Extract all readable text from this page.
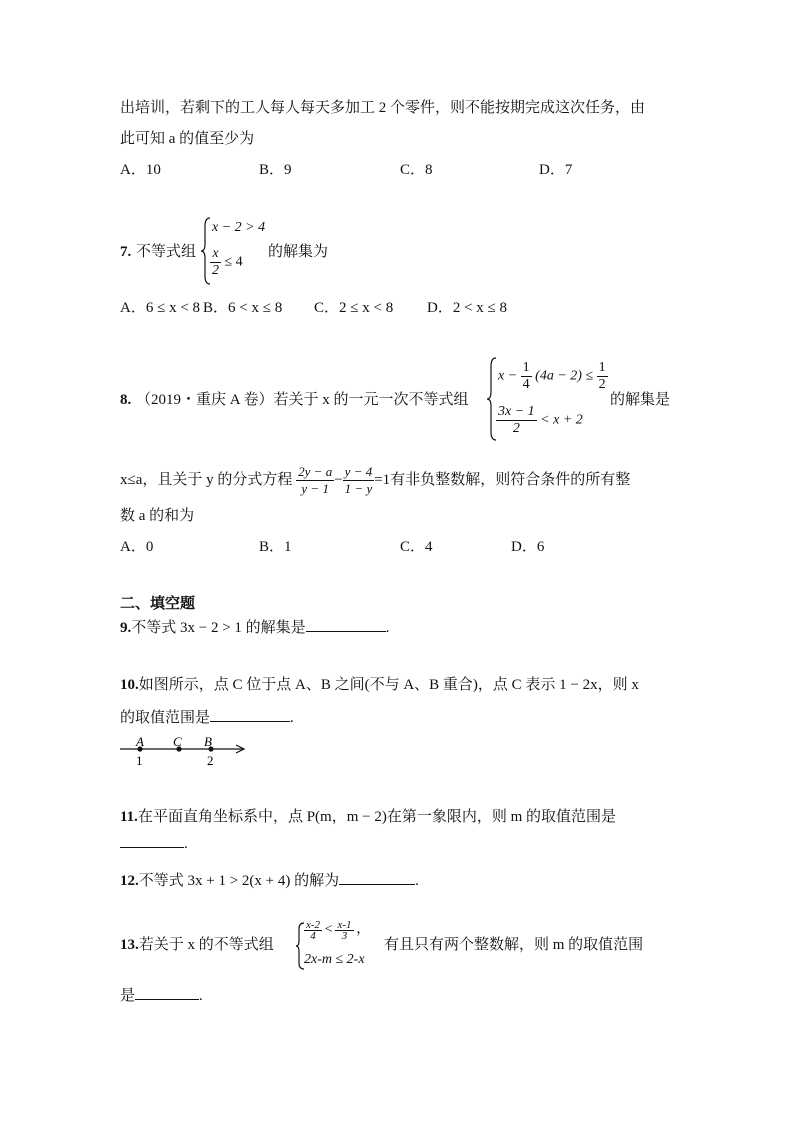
出培训，若剩下的工人每人每天多加工 2 个零件，则不能按期完成这次任务，由
此可知 a 的值至少为
A．10	B．9	C．8	D．7
7. 不等式组
x − 2 > 4
$\frac{x}{2} \le 4$
的解集为
A．6 ≤ x < 8 B．6 < x ≤ 8 C．2 ≤ x < 8 D．2 < x ≤ 8
8. （2019・重庆 A 卷）若关于 x 的一元一次不等式组
$x - \frac{1}{4} (4a - 2) \le \frac{1}{2}$
$\frac{3x - 1}{2} < x + 2$
的解集是
x≤a，且关于 y 的分式方程 $\frac{2y - a}{y - 1} - \frac{y - 4}{1 - y} =1$有非负整数解，则符合条件的所有整
数 a 的和为
A．0	B．1	C．4	D．6
二、填空题
9.不等式 3x − 2 > 1 的解集是	.
10.如图所示，点 C 位于点 A、B 之间(不与 A、B 重合)，点 C 表示 1 − 2x，则 x
的取值范围是	.
A C B
1	2
11.在平面直角坐标系中，点 P(m，m − 2)在第一象限内，则 m 的取值范围是
.
12.不等式 3x + 1 > 2(x + 4) 的解为	.
13.若关于 x 的不等式组
$\frac{x-2}{4} < \frac{x-1}{3}$ ，
2x-m ≤ 2-x
有且只有两个整数解，则 m 的取值范围
是	.
